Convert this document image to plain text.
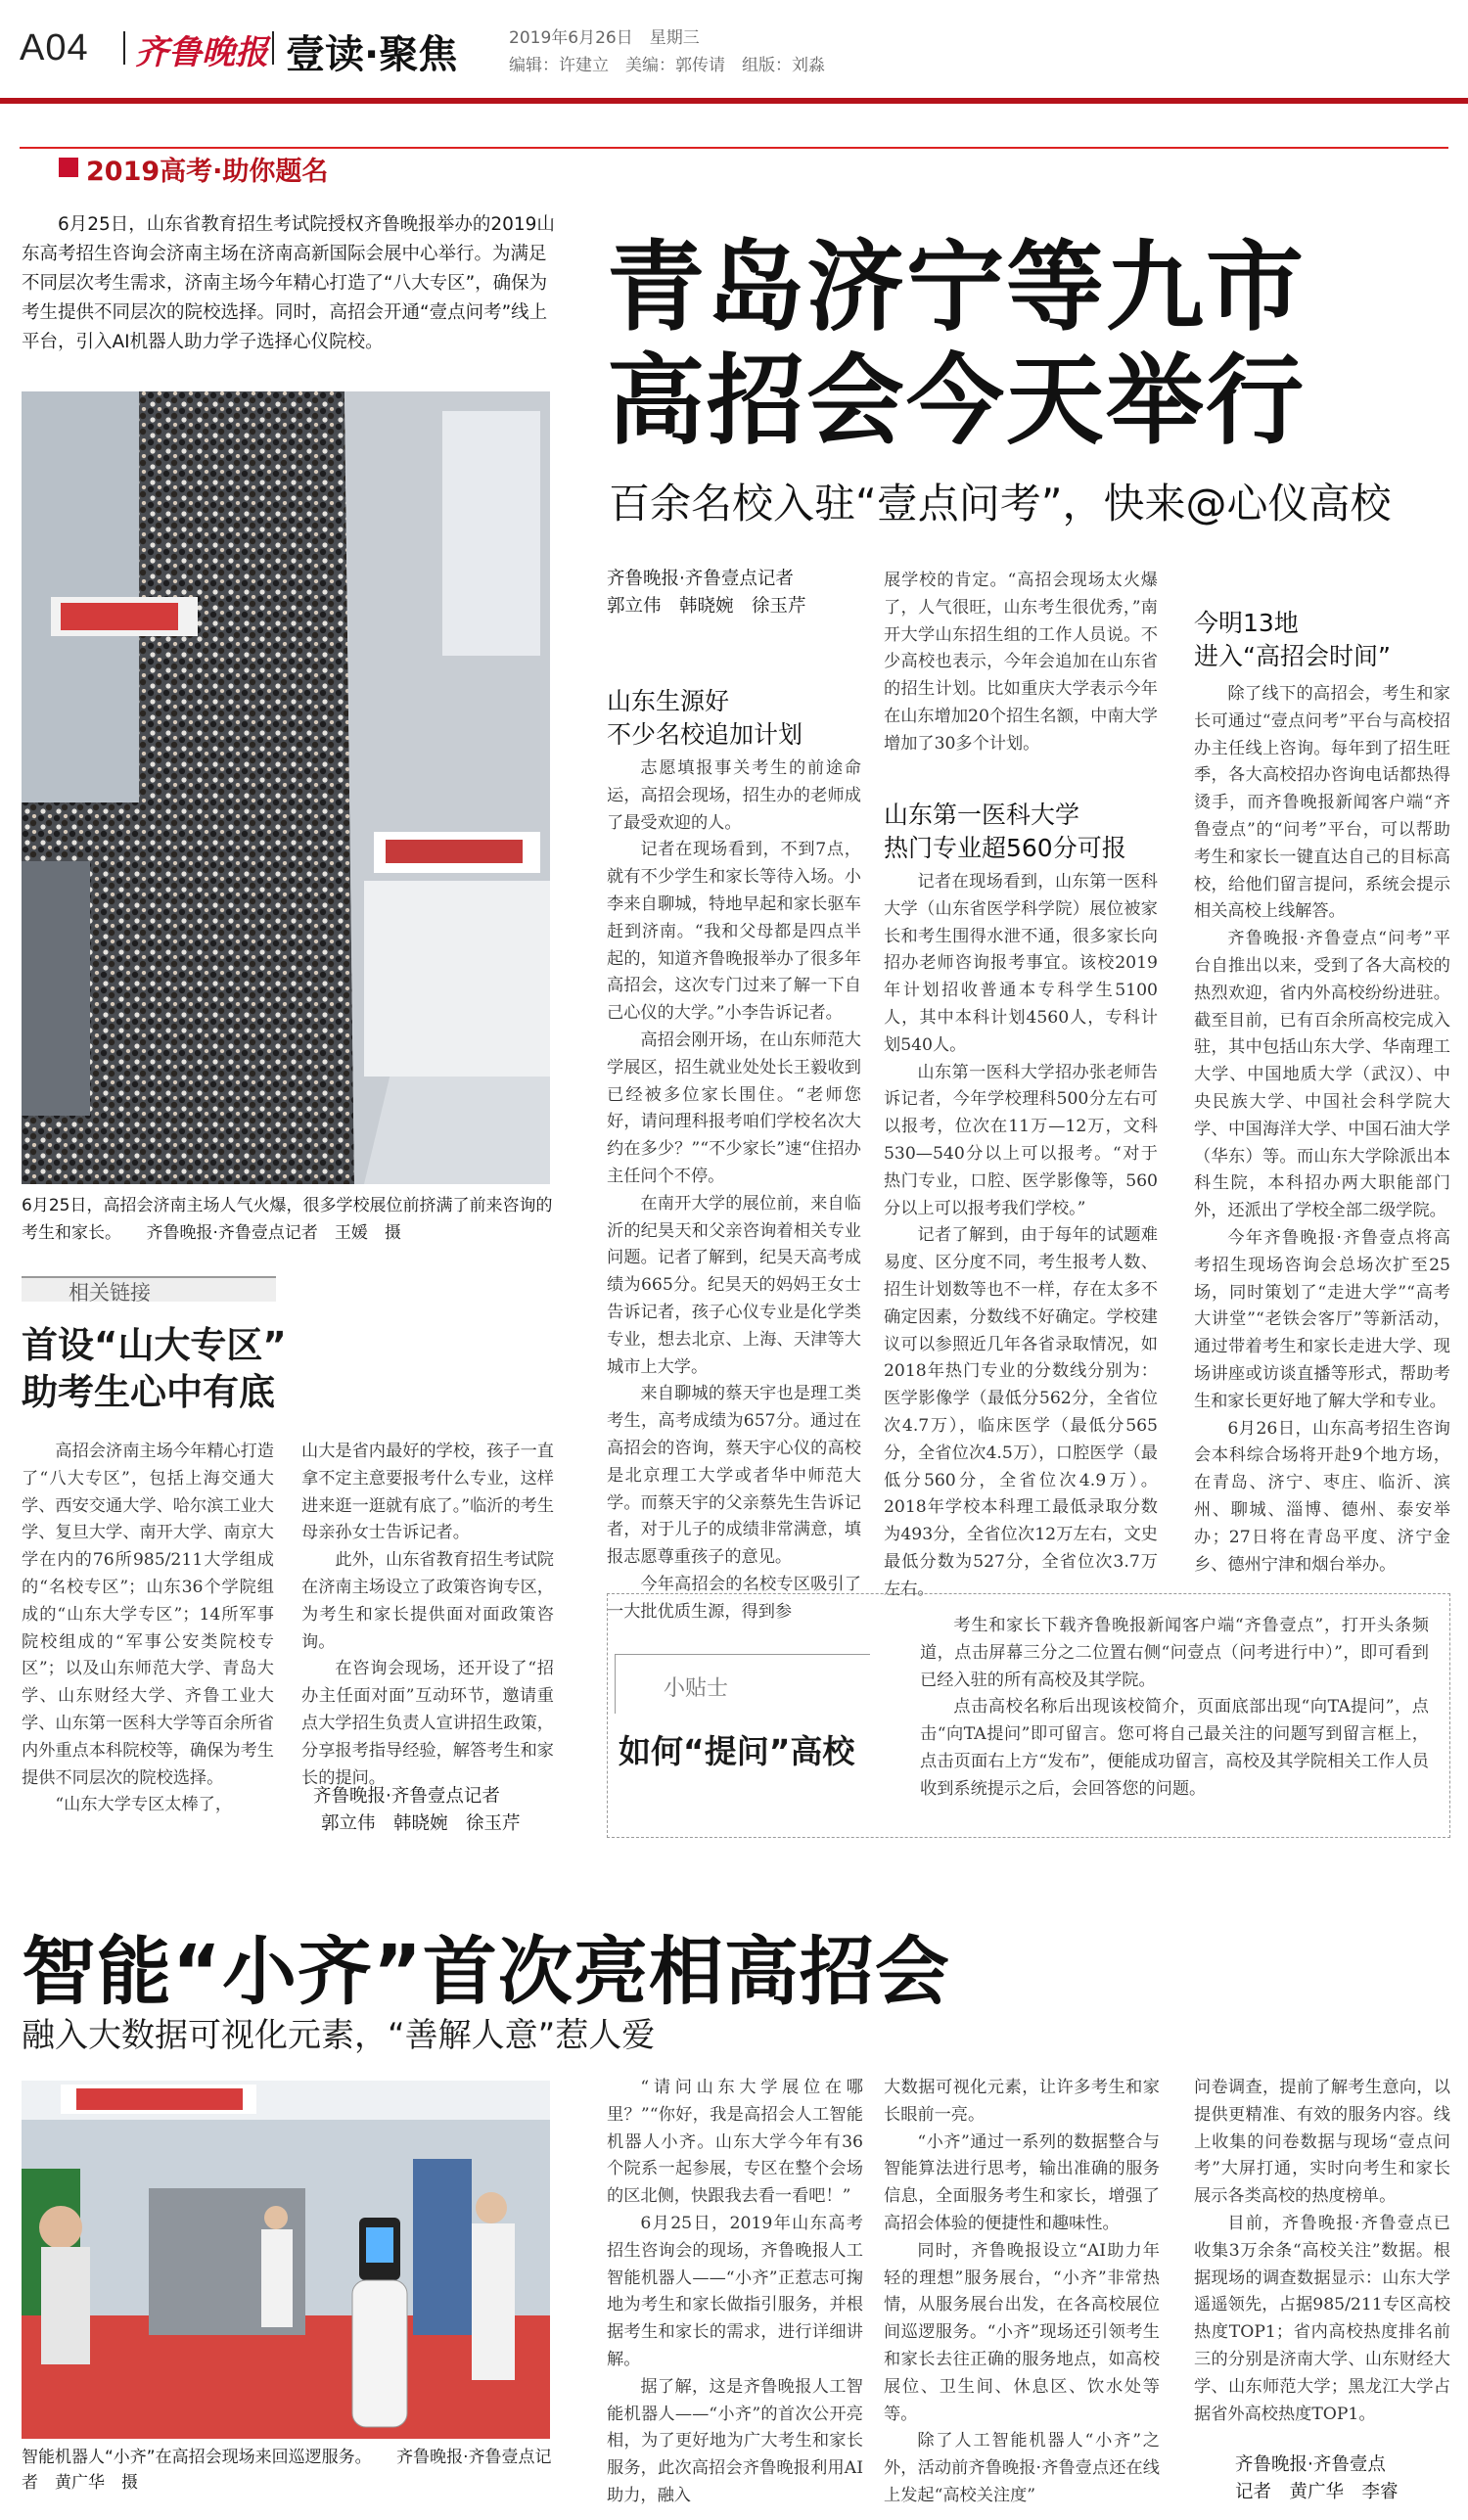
A04 齐鲁晚报 壹读·聚焦	2019年6月26日　星期三
编辑：许建立　美编：郭传请　组版：刘淼
2019高考·助你题名
6月25日，山东省教育招生考试院授权齐鲁晚报举办的2019山东高考招生咨询会济南主场在济南高新国际会展中心举行。为满足不同层次考生需求，济南主场今年精心打造了“八大专区”，确保为考生提供不同层次的院校选择。同时，高招会开通“壹点问考”线上平台，引入AI机器人助力学子选择心仪院校。	青岛济宁等九市
高招会今天举行
百余名校入驻“壹点问考”，快来@心仪高校
6月25日，高招会济南主场人气火爆，很多学校展位前挤满了前来咨询的考生和家长。　　齐鲁晚报·齐鲁壹点记者　王媛　摄
齐鲁晚报·齐鲁壹点记者
郭立伟　韩晓婉　徐玉芹
山东生源好
不少名校追加计划

志愿填报事关考生的前途命运，高招会现场，招生办的老师成了最受欢迎的人。

记者在现场看到，不到7点，就有不少学生和家长等待入场。小李来自聊城，特地早起和家长驱车赶到济南。“我和父母都是四点半起的，知道齐鲁晚报举办了很多年高招会，这次专门过来了解一下自己心仪的大学。”小李告诉记者。

高招会刚开场，在山东师范大学展区，招生就业处处长王毅收到已经被多位家长围住。“老师您好，请问理科报考咱们学校名次大约在多少？”“不少家长”速“住招办主任问个不停。

在南开大学的展位前，来自临沂的纪昊天和父亲咨询着相关专业问题。记者了解到，纪昊天高考成绩为665分。纪昊天的妈妈王女士告诉记者，孩子心仪专业是化学类专业，想去北京、上海、天津等大城市上大学。

来自聊城的蔡天宇也是理工类考生，高考成绩为657分。通过在高招会的咨询，蔡天宇心仪的高校是北京理工大学或者华中师范大学。而蔡天宇的父亲蔡先生告诉记者，对于儿子的成绩非常满意，填报志愿尊重孩子的意见。

今年高招会的名校专区吸引了一大批优质生源，得到参

展学校的肯定。“高招会现场太火爆了，人气很旺，山东考生很优秀，”南开大学山东招生组的工作人员说。不少高校也表示，今年会追加在山东省的招生计划。比如重庆大学表示今年在山东增加20个招生名额，中南大学增加了30多个计划。

山东第一医科大学
热门专业超560分可报

记者在现场看到，山东第一医科大学（山东省医学科学院）展位被家长和考生围得水泄不通，很多家长向招办老师咨询报考事宜。该校2019年计划招收普通本专科学生5100人，其中本科计划4560人，专科计划540人。

山东第一医科大学招办张老师告诉记者，今年学校理科500分左右可以报考，位次在11万—12万，文科530—540分以上可以报考。“对于热门专业，口腔、医学影像等，560分以上可以报考我们学校。”

记者了解到，由于每年的试题难易度、区分度不同，考生报考人数、招生计划数等也不一样，存在太多不确定因素，分数线不好确定。学校建议可以参照近几年各省录取情况，如2018年热门专业的分数线分别为：医学影像学（最低分562分，全省位次4.7万），临床医学（最低分565分，全省位次4.5万），口腔医学（最低分560分，全省位次4.9万）。2018年学校本科理工最低录取分数为493分，全省位次12万左右，文史最低分数为527分，全省位次3.7万左右。

今明13地
进入“高招会时间”

除了线下的高招会，考生和家长可通过“壹点问考”平台与高校招办主任线上咨询。每年到了招生旺季，各大高校招办咨询电话都热得烫手，而齐鲁晚报新闻客户端“齐鲁壹点”的“问考”平台，可以帮助考生和家长一键直达自己的目标高校，给他们留言提问，系统会提示相关高校上线解答。

齐鲁晚报·齐鲁壹点“问考”平台自推出以来，受到了各大高校的热烈欢迎，省内外高校纷纷进驻。截至目前，已有百余所高校完成入驻，其中包括山东大学、华南理工大学、中国地质大学（武汉）、中央民族大学、中国社会科学院大学、中国海洋大学、中国石油大学（华东）等。而山东大学除派出本科生院，本科招办两大职能部门外，还派出了学校全部二级学院。

今年齐鲁晚报·齐鲁壹点将高考招生现场咨询会总场次扩至25场，同时策划了“走进大学”“高考大讲堂”“老铁会客厅”等新活动，通过带着考生和家长走进大学、现场讲座或访谈直播等形式，帮助考生和家长更好地了解大学和专业。

6月26日，山东高考招生咨询会本科综合场将开赴9个地方场，在青岛、济宁、枣庄、临沂、滨州、聊城、淄博、德州、泰安举办；27日将在青岛平度、济宁金乡、德州宁津和烟台举办。

相关链接
首设“山大专区”
助考生心中有底

高招会济南主场今年精心打造了“八大专区”，包括上海交通大学、西安交通大学、哈尔滨工业大学、复旦大学、南开大学、南京大学在内的76所985/211大学组成的“名校专区”；山东36个学院组成的“山东大学专区”；14所军事院校组成的“军事公安类院校专区”；以及山东师范大学、青岛大学、山东财经大学、齐鲁工业大学、山东第一医科大学等百余所省内外重点本科院校等，确保为考生提供不同层次的院校选择。

“山东大学专区太棒了，

山大是省内最好的学校，孩子一直拿不定主意要报考什么专业，这样进来逛一逛就有底了。”临沂的考生母亲孙女士告诉记者。

此外，山东省教育招生考试院在济南主场设立了政策咨询专区，为考生和家长提供面对面政策咨询。

在咨询会现场，还开设了“招办主任面对面”互动环节，邀请重点大学招生负责人宣讲招生政策，分享报考指导经验，解答考生和家长的提问。

齐鲁晚报·齐鲁壹点记者
郭立伟　韩晓婉　徐玉芹
小贴士
如何“提问”高校

考生和家长下载齐鲁晚报新闻客户端“齐鲁壹点”，打开头条频道，点击屏幕三分之二位置右侧“问壹点（问考进行中）”，即可看到已经入驻的所有高校及其学院。

点击高校名称后出现该校简介，页面底部出现“向TA提问”，点击“向TA提问”即可留言。您可将自己最关注的问题写到留言框上，点击页面右上方“发布”，便能成功留言，高校及其学院相关工作人员收到系统提示之后，会回答您的问题。

智能“小齐”首次亮相高招会
融入大数据可视化元素，“善解人意”惹人爱
智能机器人“小齐”在高招会现场来回巡逻服务。　　齐鲁晚报·齐鲁壹点记者　黄广华　摄

“请问山东大学展位在哪里？”“你好，我是高招会人工智能机器人小齐。山东大学今年有36个院系一起参展，专区在整个会场的区北侧，快跟我去看一看吧！”

6月25日，2019年山东高考招生咨询会的现场，齐鲁晚报人工智能机器人——“小齐”正惹志可掬地为考生和家长做指引服务，并根据考生和家长的需求，进行详细讲解。

据了解，这是齐鲁晚报人工智能机器人——“小齐”的首次公开亮相，为了更好地为广大考生和家长服务，此次高招会齐鲁晚报利用AI助力，融入

大数据可视化元素，让许多考生和家长眼前一亮。

“小齐”通过一系列的数据整合与智能算法进行思考，输出准确的服务信息，全面服务考生和家长，增强了高招会体验的便捷性和趣味性。

同时，齐鲁晚报设立“AI助力年轻的理想”服务展台，“小齐”非常热情，从服务展台出发，在各高校展位间巡逻服务。“小齐”现场还引领考生和家长去往正确的服务地点，如高校展位、卫生间、休息区、饮水处等等。

除了人工智能机器人“小齐”之外，活动前齐鲁晚报·齐鲁壹点还在线上发起“高校关注度”

问卷调查，提前了解考生意向，以提供更精准、有效的服务内容。线上收集的问卷数据与现场“壹点问考”大屏打通，实时向考生和家长展示各类高校的热度榜单。

目前，齐鲁晚报·齐鲁壹点已收集3万余条“高校关注”数据。根据现场的调查数据显示：山东大学遥遥领先，占据985/211专区高校热度TOP1；省内高校热度排名前三的分别是济南大学、山东财经大学、山东师范大学；黑龙江大学占据省外高校热度TOP1。

齐鲁晚报·齐鲁壹点
记者　黄广华　李睿
